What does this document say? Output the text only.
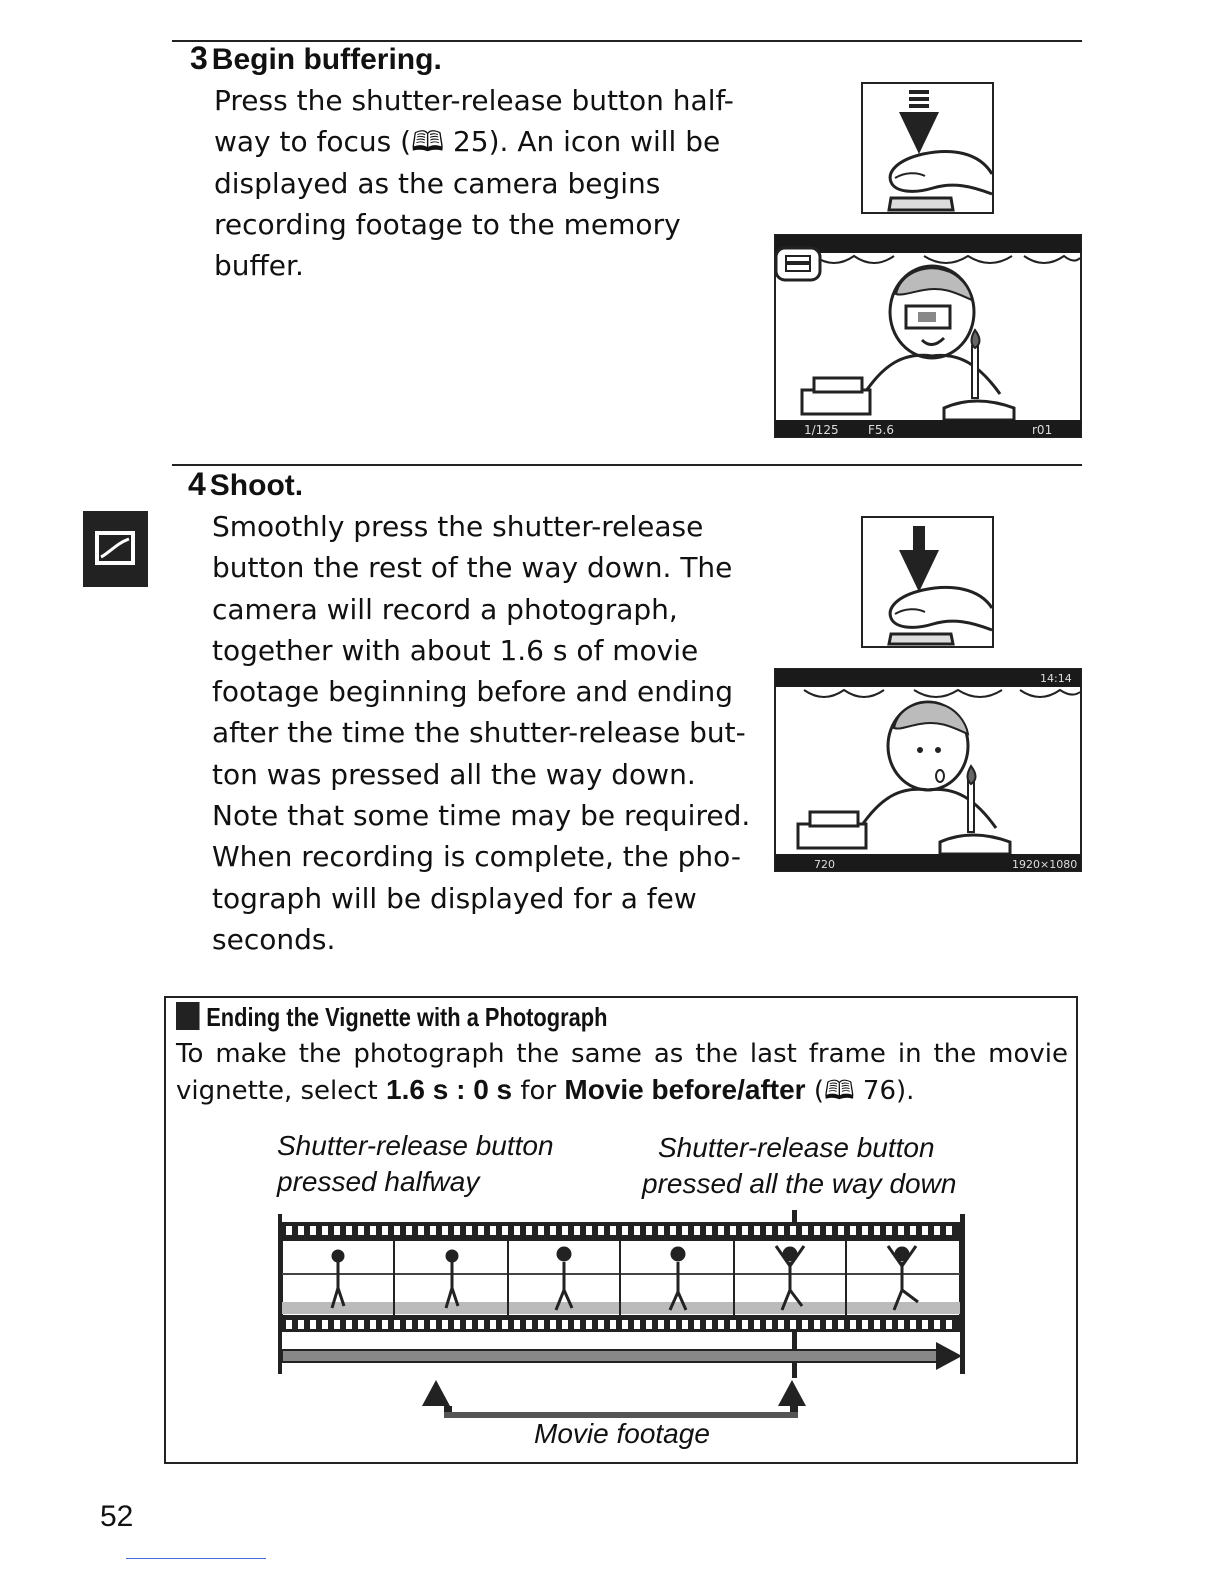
3 Begin buffering.
Press the shutter-release button half-
way to focus (🕮 25). An icon will be
displayed as the camera begins
recording footage to the memory
buffer.
1/125 F5.6	r01
4 Shoot.
Smoothly press the shutter-release
button the rest of the way down. The
camera will record a photograph,
together with about 1.6 s of movie
footage beginning before and ending
after the time the shutter-release but-
ton was pressed all the way down.
Note that some time may be required.
When recording is complete, the pho-
tograph will be displayed for a few
seconds.
14:14
720	1920×1080
Ending the Vignette with a Photograph
To make the photograph the same as the last frame in the movie vignette, select 1.6 s : 0 s for Movie before/after (🕮 76).
Shutter-release button
pressed halfway
Shutter-release button
pressed all the way down
Movie footage
52
